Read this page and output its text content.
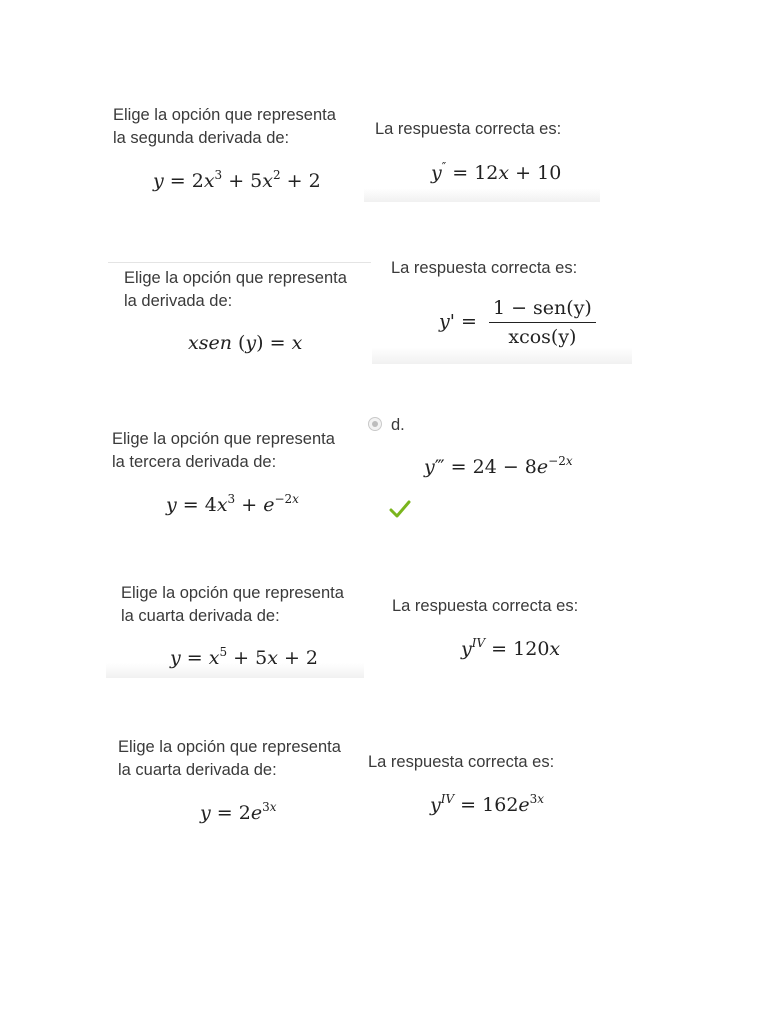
Elige la opción que representa
la segunda derivada de:
$y = 2x^3 + 5x^2 + 2$
La respuesta correcta es:
y″ = 12x + 10
Elige la opción que representa
la derivada de:
xsen (y) = x
La respuesta correcta es:
yꞌ = $\frac{\text{1 − sen(y)}}{xcos(y)}$
Elige la opción que representa
la tercera derivada de:
$y = 4x^3 + e^{-2x}$
d.
y‴ = $24 - 8e^{-2x}$
Elige la opción que representa
la cuarta derivada de:
$y = x^5 + 5x + 2$
La respuesta correcta es:
$y^{IV} = 120x$
Elige la opción que representa
la cuarta derivada de:
$y = 2e^{3x}$
La respuesta correcta es:
$y^{IV} = 162e^{3x}$
